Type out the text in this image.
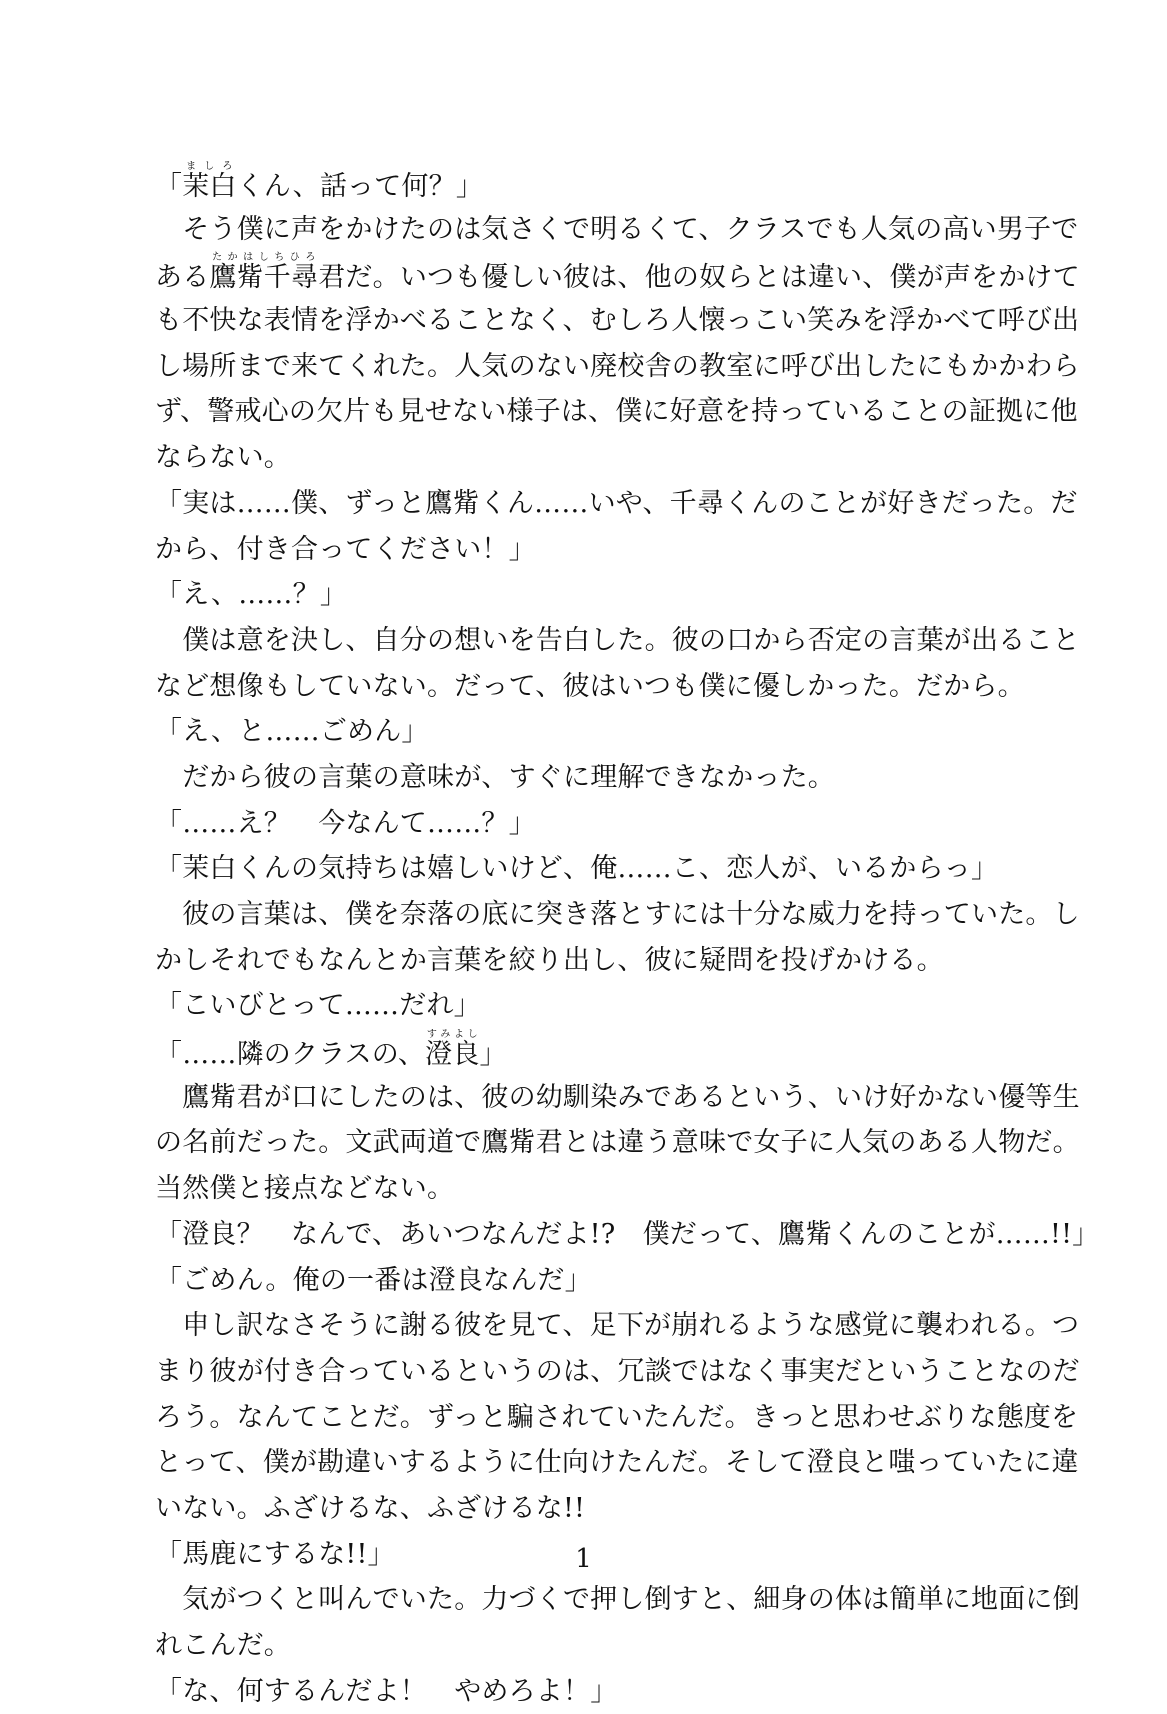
「茉白ましろくん、話って何？」
　そう僕に声をかけたのは気さくで明るくて、クラスでも人気の高い男子で
ある鷹觜千尋たかはしちひろ君だ。いつも優しい彼は、他の奴らとは違い、僕が声をかけて
も不快な表情を浮かべることなく、むしろ人懐っこい笑みを浮かべて呼び出
し場所まで来てくれた。人気のない廃校舎の教室に呼び出したにもかかわら
ず、警戒心の欠片も見せない様子は、僕に好意を持っていることの証拠に他
ならない。
「実は……僕、ずっと鷹觜くん……いや、千尋くんのことが好きだった。だ
から、付き合ってください！」
「え、……？」
　僕は意を決し、自分の想いを告白した。彼の口から否定の言葉が出ること
など想像もしていない。だって、彼はいつも僕に優しかった。だから。
「え、と……ごめん」
　だから彼の言葉の意味が、すぐに理解できなかった。
「……え？　今なんて……？」
「茉白くんの気持ちは嬉しいけど、俺……こ、恋人が、いるからっ」
　彼の言葉は、僕を奈落の底に突き落とすには十分な威力を持っていた。し
かしそれでもなんとか言葉を絞り出し、彼に疑問を投げかける。
「こいびとって……だれ」
「……隣のクラスの、澄良すみよし」
　鷹觜君が口にしたのは、彼の幼馴染みであるという、いけ好かない優等生
の名前だった。文武両道で鷹觜君とは違う意味で女子に人気のある人物だ。
当然僕と接点などない。
「澄良？　なんで、あいつなんだよ!?　僕だって、鷹觜くんのことが……!!」
「ごめん。俺の一番は澄良なんだ」
　申し訳なさそうに謝る彼を見て、足下が崩れるような感覚に襲われる。つ
まり彼が付き合っているというのは、冗談ではなく事実だということなのだ
ろう。なんてことだ。ずっと騙されていたんだ。きっと思わせぶりな態度を
とって、僕が勘違いするように仕向けたんだ。そして澄良と嗤っていたに違
いない。ふざけるな、ふざけるな!!
「馬鹿にするな!!」
　気がつくと叫んでいた。力づくで押し倒すと、細身の体は簡単に地面に倒
れこんだ。
「な、何するんだよ！　やめろよ！」
1
